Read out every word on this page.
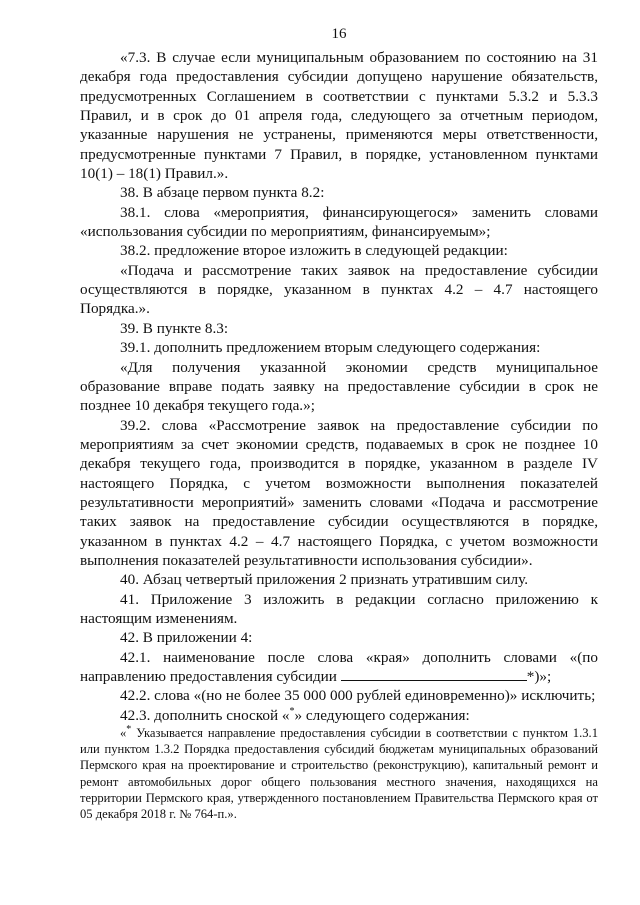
16

«7.3. В случае если муниципальным образованием по состоянию на 31 декабря года предоставления субсидии допущено нарушение обязательств, предусмотренных Соглашением в соответствии с пунктами 5.3.2 и 5.3.3 Правил, и в срок до 01 апреля года, следующего за отчетным периодом, указанные нарушения не устранены, применяются меры ответственности, предусмотренные пунктами 7 Правил, в порядке, установленном пунктами 10(1) – 18(1) Правил.».

38. В абзаце первом пункта 8.2:

38.1. слова «мероприятия, финансирующегося» заменить словами «использования субсидии по мероприятиям, финансируемым»;

38.2. предложение второе изложить в следующей редакции:

«Подача и рассмотрение таких заявок на предоставление субсидии осуществляются в порядке, указанном в пунктах 4.2 – 4.7 настоящего Порядка.».

39. В пункте 8.3:

39.1. дополнить предложением вторым следующего содержания:

«Для получения указанной экономии средств муниципальное образование вправе подать заявку на предоставление субсидии в срок не позднее 10 декабря текущего года.»;

39.2. слова «Рассмотрение заявок на предоставление субсидии по мероприятиям за счет экономии средств, подаваемых в срок не позднее 10 декабря текущего года, производится в порядке, указанном в разделе IV настоящего Порядка, с учетом возможности выполнения показателей результативности мероприятий» заменить словами «Подача и рассмотрение таких заявок на предоставление субсидии осуществляются в порядке, указанном в пунктах 4.2 – 4.7 настоящего Порядка, с учетом возможности выполнения показателей результативности использования субсидии».

40. Абзац четвертый приложения 2 признать утратившим силу.

41. Приложение 3 изложить в редакции согласно приложению к настоящим изменениям.

42. В приложении 4:

42.1. наименование после слова «края» дополнить словами «(по направлению предоставления субсидии	*)»;

42.2. слова «(но не более 35 000 000 рублей единовременно)» исключить;

42.3. дополнить сноской «*» следующего содержания:

«* Указывается направление предоставления субсидии в соответствии с пунктом 1.3.1 или пунктом 1.3.2 Порядка предоставления субсидий бюджетам муниципальных образований Пермского края на проектирование и строительство (реконструкцию), капитальный ремонт и ремонт автомобильных дорог общего пользования местного значения, находящихся на территории Пермского края, утвержденного постановлением Правительства Пермского края от 05 декабря 2018 г. № 764-п.».
